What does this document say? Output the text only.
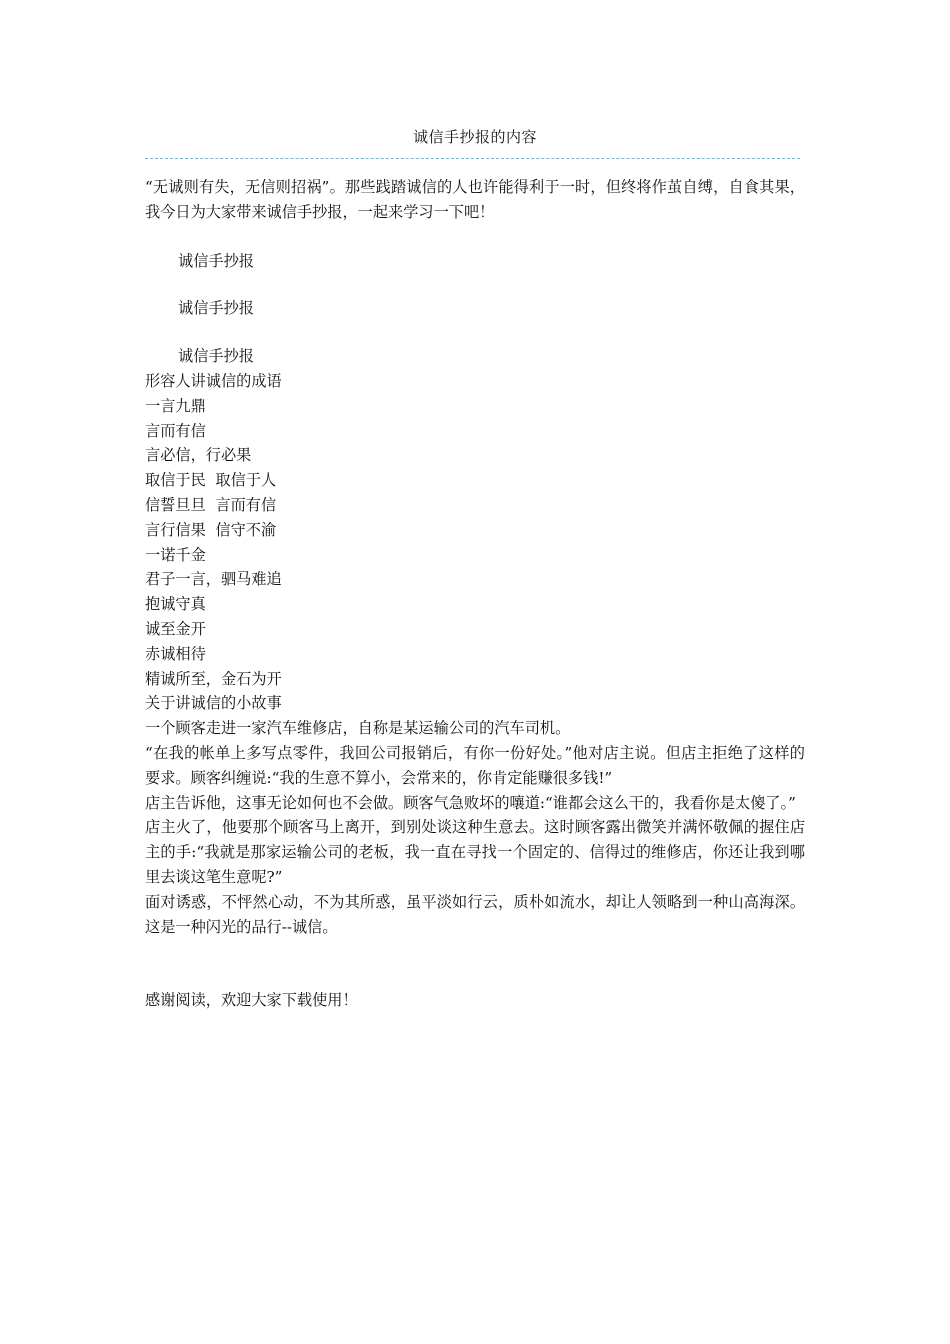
诚信手抄报的内容

“无诚则有失，无信则招祸”。那些践踏诚信的人也许能得利于一时，但终将作茧自缚，自食其果，我今日为大家带来诚信手抄报，一起来学习一下吧！

诚信手抄报

诚信手抄报

诚信手抄报

形容人讲诚信的成语

一言九鼎

言而有信

言必信，行必果

取信于民  取信于人

信誓旦旦  言而有信

言行信果  信守不渝

一诺千金

君子一言，驷马难追

抱诚守真

诚至金开

赤诚相待

精诚所至，金石为开

关于讲诚信的小故事

一个顾客走进一家汽车维修店，自称是某运输公司的汽车司机。

“在我的帐单上多写点零件，我回公司报销后，有你一份好处。”他对店主说。但店主拒绝了这样的要求。顾客纠缠说:“我的生意不算小，会常来的，你肯定能赚很多钱!”

店主告诉他，这事无论如何也不会做。顾客气急败坏的嚷道:“谁都会这么干的，我看你是太傻了。”

店主火了，他要那个顾客马上离开，到别处谈这种生意去。这时顾客露出微笑并满怀敬佩的握住店主的手:“我就是那家运输公司的老板，我一直在寻找一个固定的、信得过的维修店，你还让我到哪里去谈这笔生意呢?”

面对诱惑，不怦然心动，不为其所惑，虽平淡如行云，质朴如流水，却让人领略到一种山高海深。这是一种闪光的品行--诚信。

感谢阅读，欢迎大家下载使用！
